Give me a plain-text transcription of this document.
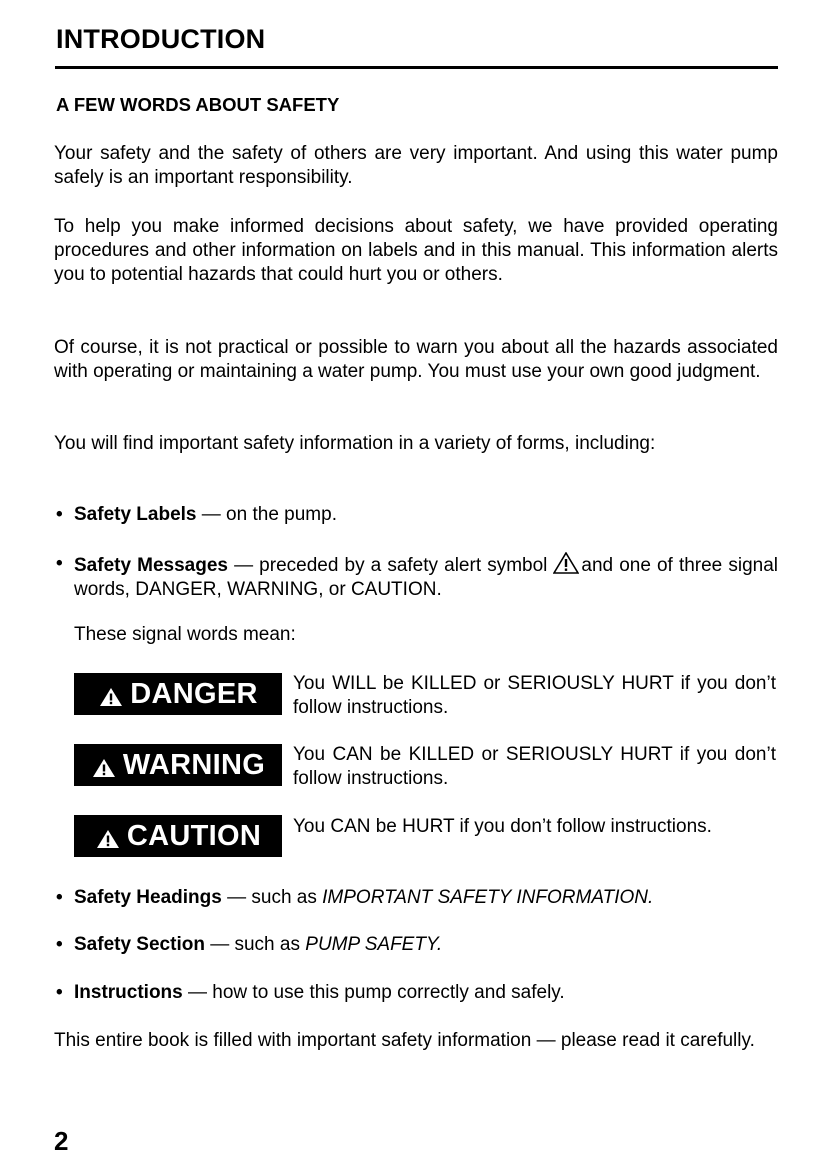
INTRODUCTION
A FEW WORDS ABOUT SAFETY
Your safety and the safety of others are very important. And using this water pump safely is an important responsibility.
To help you make informed decisions about safety, we have provided operating procedures and other information on labels and in this manual. This information alerts you to potential hazards that could hurt you or others.
Of course, it is not practical or possible to warn you about all the hazards associated with operating or maintaining a water pump. You must use your own good judgment.
You will find important safety information in a variety of forms, including:
• Safety Labels — on the pump.
• Safety Messages — preceded by a safety alert symbol and one of three signal words, DANGER, WARNING, or CAUTION.
These signal words mean:
DANGER You WILL be KILLED or SERIOUSLY HURT if you don’t follow instructions.
WARNING You CAN be KILLED or SERIOUSLY HURT if you don’t follow instructions.
CAUTION You CAN be HURT if you don’t follow instructions.
• Safety Headings — such as IMPORTANT SAFETY INFORMATION.
• Safety Section — such as PUMP SAFETY.
• Instructions — how to use this pump correctly and safely.
This entire book is filled with important safety information — please read it carefully.
2
